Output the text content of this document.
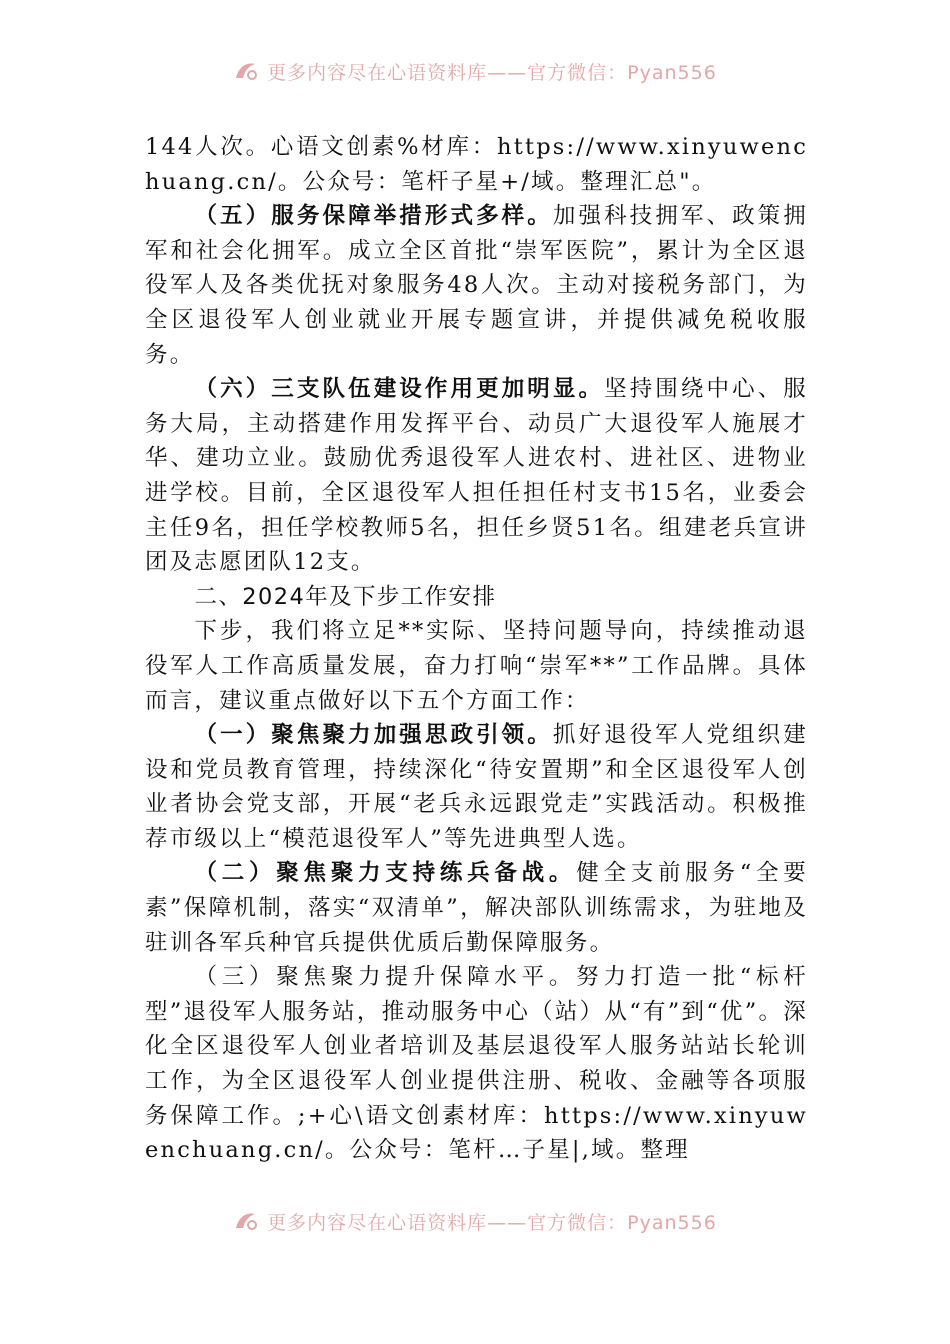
更多内容尽在心语资料库——官方微信：Pyan556

144人次。心语文创素%材库：https://www.xinyuwenchuang.cn/。公众号：笔杆子星+/域。整理汇总"。

（五）服务保障举措形式多样。加强科技拥军、政策拥军和社会化拥军。成立全区首批“崇军医院”，累计为全区退役军人及各类优抚对象服务48人次。主动对接税务部门，为全区退役军人创业就业开展专题宣讲，并提供减免税收服务。

（六）三支队伍建设作用更加明显。坚持围绕中心、服务大局，主动搭建作用发挥平台、动员广大退役军人施展才华、建功立业。鼓励优秀退役军人进农村、进社区、进物业进学校。目前，全区退役军人担任担任村支书15名，业委会主任9名，担任学校教师5名，担任乡贤51名。组建老兵宣讲团及志愿团队12支。

二、2024年及下步工作安排

下步，我们将立足**实际、坚持问题导向，持续推动退役军人工作高质量发展，奋力打响“崇军**”工作品牌。具体而言，建议重点做好以下五个方面工作：

（一）聚焦聚力加强思政引领。抓好退役军人党组织建设和党员教育管理，持续深化“待安置期”和全区退役军人创业者协会党支部，开展“老兵永远跟党走”实践活动。积极推荐市级以上“模范退役军人”等先进典型人选。

（二）聚焦聚力支持练兵备战。健全支前服务“全要素”保障机制，落实“双清单”，解决部队训练需求，为驻地及驻训各军兵种官兵提供优质后勤保障服务。

（三）聚焦聚力提升保障水平。努力打造一批“标杆型”退役军人服务站，推动服务中心（站）从“有”到“优”。深化全区退役军人创业者培训及基层退役军人服务站站长轮训工作，为全区退役军人创业提供注册、税收、金融等各项服务保障工作。;+心\语文创素材库：https://www.xinyuwenchuang.cn/。公众号：笔杆…子星|,域。整理

更多内容尽在心语资料库——官方微信：Pyan556
